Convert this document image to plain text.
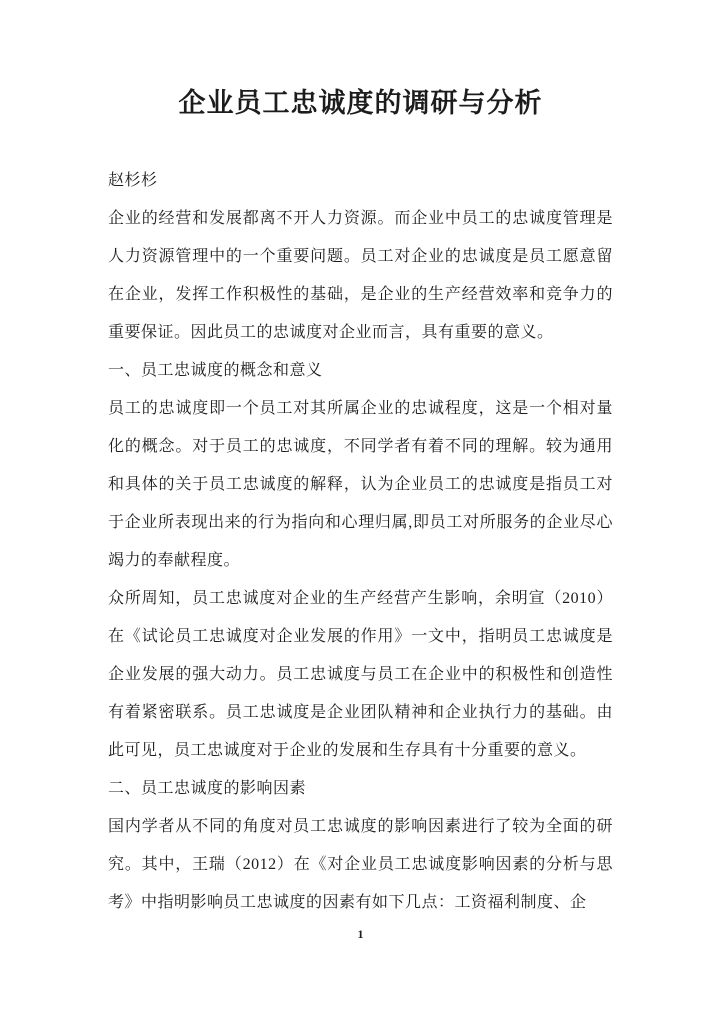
企业员工忠诚度的调研与分析

赵杉杉

企业的经营和发展都离不开人力资源。而企业中员工的忠诚度管理是人力资源管理中的一个重要问题。员工对企业的忠诚度是员工愿意留在企业，发挥工作积极性的基础，是企业的生产经营效率和竞争力的重要保证。因此员工的忠诚度对企业而言，具有重要的意义。

一、员工忠诚度的概念和意义

员工的忠诚度即一个员工对其所属企业的忠诚程度，这是一个相对量化的概念。对于员工的忠诚度，不同学者有着不同的理解。较为通用和具体的关于员工忠诚度的解释，认为企业员工的忠诚度是指员工对于企业所表现出来的行为指向和心理归属,即员工对所服务的企业尽心竭力的奉献程度。

众所周知，员工忠诚度对企业的生产经营产生影响，余明宣（2010）在《试论员工忠诚度对企业发展的作用》一文中，指明员工忠诚度是企业发展的强大动力。员工忠诚度与员工在企业中的积极性和创造性有着紧密联系。员工忠诚度是企业团队精神和企业执行力的基础。由此可见，员工忠诚度对于企业的发展和生存具有十分重要的意义。

二、员工忠诚度的影响因素

国内学者从不同的角度对员工忠诚度的影响因素进行了较为全面的研究。其中，王瑞（2012）在《对企业员工忠诚度影响因素的分析与思考》中指明影响员工忠诚度的因素有如下几点：工资福利制度、企

1
